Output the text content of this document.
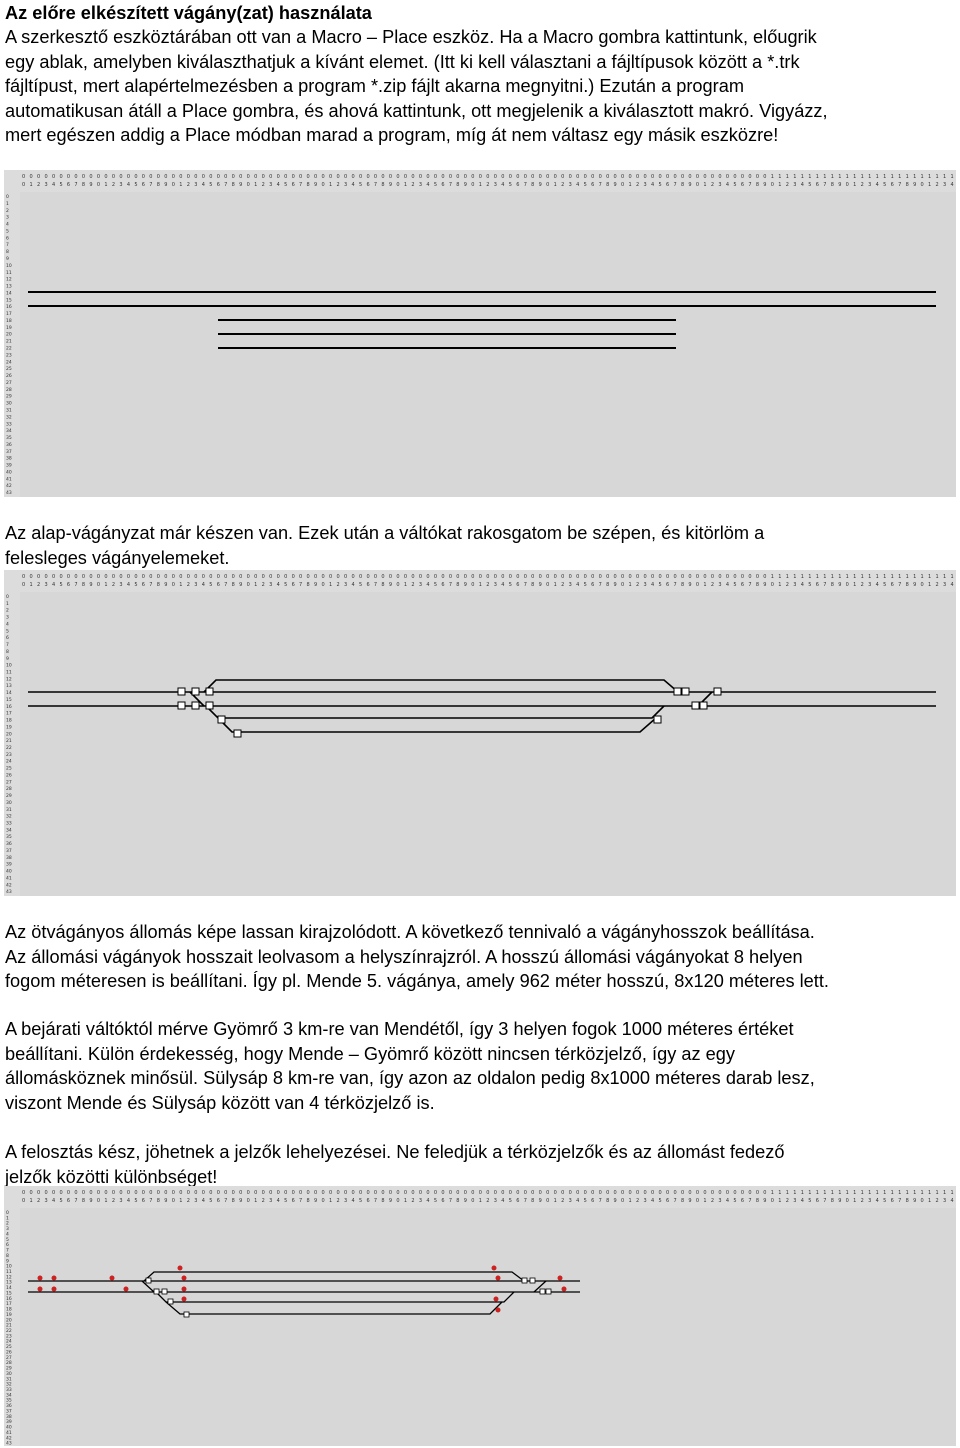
Az előre elkészített vágány(zat) használata
A szerkesztő eszköztárában ott van a Macro – Place eszköz. Ha a Macro gombra kattintunk, előugrik
egy ablak, amelyben kiválaszthatjuk a kívánt elemet. (Itt ki kell választani a fájltípusok között a *.trk
fájltípust, mert alapértelmezésben a program *.zip fájlt akarna megnyitni.) Ezután a program
automatikusan átáll a Place gombra, és ahová kattintunk, ott megjelenik a kiválasztott makró. Vigyázz,
mert egészen addig a Place módban marad a program, míg át nem váltasz egy másik eszközre!
0
0
0
1
0
2
0
3
0
4
0
5
0
6
0
7
0
8
0
9
0
0
0
1
0
2
0
3
0
4
0
5
0
6
0
7
0
8
0
9
0
0
0
1
0
2
0
3
0
4
0
5
0
6
0
7
0
8
0
9
0
0
0
1
0
2
0
3
0
4
0
5
0
6
0
7
0
8
0
9
0
0
0
1
0
2
0
3
0
4
0
5
0
6
0
7
0
8
0
9
0
0
0
1
0
2
0
3
0
4
0
5
0
6
0
7
0
8
0
9
0
0
0
1
0
2
0
3
0
4
0
5
0
6
0
7
0
8
0
9
0
0
0
1
0
2
0
3
0
4
0
5
0
6
0
7
0
8
0
9
0
0
0
1
0
2
0
3
0
4
0
5
0
6
0
7
0
8
0
9
0
0
0
1
0
2
0
3
0
4
0
5
0
6
0
7
0
8
0
9
1
0
1
1
1
2
1
3
1
4
1
5
1
6
1
7
1
8
1
9
1
0
1
1
1
2
1
3
1
4
1
5
1
6
1
7
1
8
1
9
1
0
1
1
1
2
1
3
1
4
0
1
2
3
4
5
6
7
8
9
10
11
12
13
14
15
16
17
18
19
20
21
22
23
24
25
26
27
28
29
30
31
32
33
34
35
36
37
38
39
40
41
42
43
Az alap-vágányzat már készen van. Ezek után a váltókat rakosgatom be szépen, és kitörlöm a
felesleges vágányelemeket.
0
0
0
1
0
2
0
3
0
4
0
5
0
6
0
7
0
8
0
9
0
0
0
1
0
2
0
3
0
4
0
5
0
6
0
7
0
8
0
9
0
0
0
1
0
2
0
3
0
4
0
5
0
6
0
7
0
8
0
9
0
0
0
1
0
2
0
3
0
4
0
5
0
6
0
7
0
8
0
9
0
0
0
1
0
2
0
3
0
4
0
5
0
6
0
7
0
8
0
9
0
0
0
1
0
2
0
3
0
4
0
5
0
6
0
7
0
8
0
9
0
0
0
1
0
2
0
3
0
4
0
5
0
6
0
7
0
8
0
9
0
0
0
1
0
2
0
3
0
4
0
5
0
6
0
7
0
8
0
9
0
0
0
1
0
2
0
3
0
4
0
5
0
6
0
7
0
8
0
9
0
0
0
1
0
2
0
3
0
4
0
5
0
6
0
7
0
8
0
9
1
0
1
1
1
2
1
3
1
4
1
5
1
6
1
7
1
8
1
9
1
0
1
1
1
2
1
3
1
4
1
5
1
6
1
7
1
8
1
9
1
0
1
1
1
2
1
3
1
4
0
1
2
3
4
5
6
7
8
9
10
11
12
13
14
15
16
17
18
19
20
21
22
23
24
25
26
27
28
29
30
31
32
33
34
35
36
37
38
39
40
41
42
43
Az ötvágányos állomás képe lassan kirajzolódott. A következő tennivaló a vágányhosszok beállítása.
Az állomási vágányok hosszait leolvasom a helyszínrajzról. A hosszú állomási vágányokat 8 helyen
fogom méteresen is beállítani. Így pl. Mende 5. vágánya, amely 962 méter hosszú, 8x120 méteres lett.
A bejárati váltóktól mérve Gyömrő 3 km-re van Mendétől, így 3 helyen fogok 1000 méteres értéket
beállítani. Külön érdekesség, hogy Mende – Gyömrő között nincsen térközjelző, így az egy
állomásköznek minősül. Sülysáp 8 km-re van, így azon az oldalon pedig 8x1000 méteres darab lesz,
viszont Mende és Sülysáp között van 4 térközjelző is.
A felosztás kész, jöhetnek a jelzők lehelyezései. Ne feledjük a térközjelzők és az állomást fedező
jelzők közötti különbséget!
0
0
0
1
0
2
0
3
0
4
0
5
0
6
0
7
0
8
0
9
0
0
0
1
0
2
0
3
0
4
0
5
0
6
0
7
0
8
0
9
0
0
0
1
0
2
0
3
0
4
0
5
0
6
0
7
0
8
0
9
0
0
0
1
0
2
0
3
0
4
0
5
0
6
0
7
0
8
0
9
0
0
0
1
0
2
0
3
0
4
0
5
0
6
0
7
0
8
0
9
0
0
0
1
0
2
0
3
0
4
0
5
0
6
0
7
0
8
0
9
0
0
0
1
0
2
0
3
0
4
0
5
0
6
0
7
0
8
0
9
0
0
0
1
0
2
0
3
0
4
0
5
0
6
0
7
0
8
0
9
0
0
0
1
0
2
0
3
0
4
0
5
0
6
0
7
0
8
0
9
0
0
0
1
0
2
0
3
0
4
0
5
0
6
0
7
0
8
0
9
1
0
1
1
1
2
1
3
1
4
1
5
1
6
1
7
1
8
1
9
1
0
1
1
1
2
1
3
1
4
1
5
1
6
1
7
1
8
1
9
1
0
1
1
1
2
1
3
1
4
0
1
2
3
4
5
6
7
8
9
10
11
12
13
14
15
16
17
18
19
20
21
22
23
24
25
26
27
28
29
30
31
32
33
34
35
36
37
38
39
40
41
42
43
